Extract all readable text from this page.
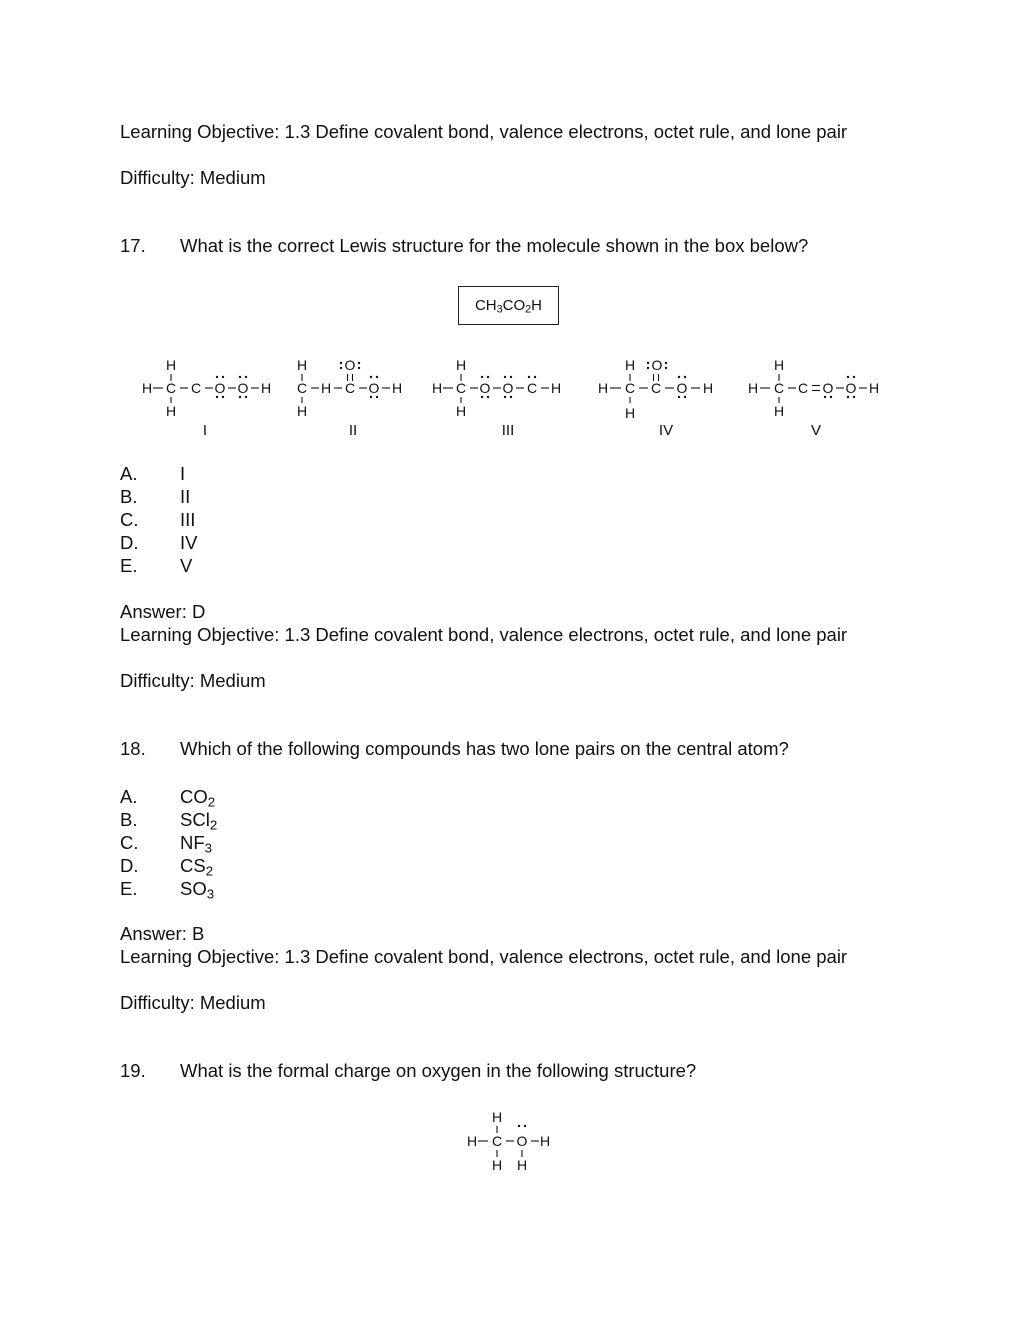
Learning Objective: 1.3 Define covalent bond, valence electrons, octet rule, and lone pair
Difficulty: Medium
17. What is the correct Lewis structure for the molecule shown in the box below?
$CH_3CO_2H$
H
H C C O O H
H
I
H
C H C
O
O H
H
II
H
H C O O C H
H
III
H
H C C
O
O H
H
IV
H
H C C O O H
H
V
A. I
B. II
C. III
D. IV
E. V
Answer: D
Learning Objective: 1.3 Define covalent bond, valence electrons, octet rule, and lone pair
Difficulty: Medium
18. Which of the following compounds has two lone pairs on the central atom?
A. $CO_2$
B. SCl$_2$
C. $NF_3$
D. $CS_2$
E. $SO_3$
Answer: B
Learning Objective: 1.3 Define covalent bond, valence electrons, octet rule, and lone pair
Difficulty: Medium
19. What is the formal charge on oxygen in the following structure?
H
H C O H
H H
